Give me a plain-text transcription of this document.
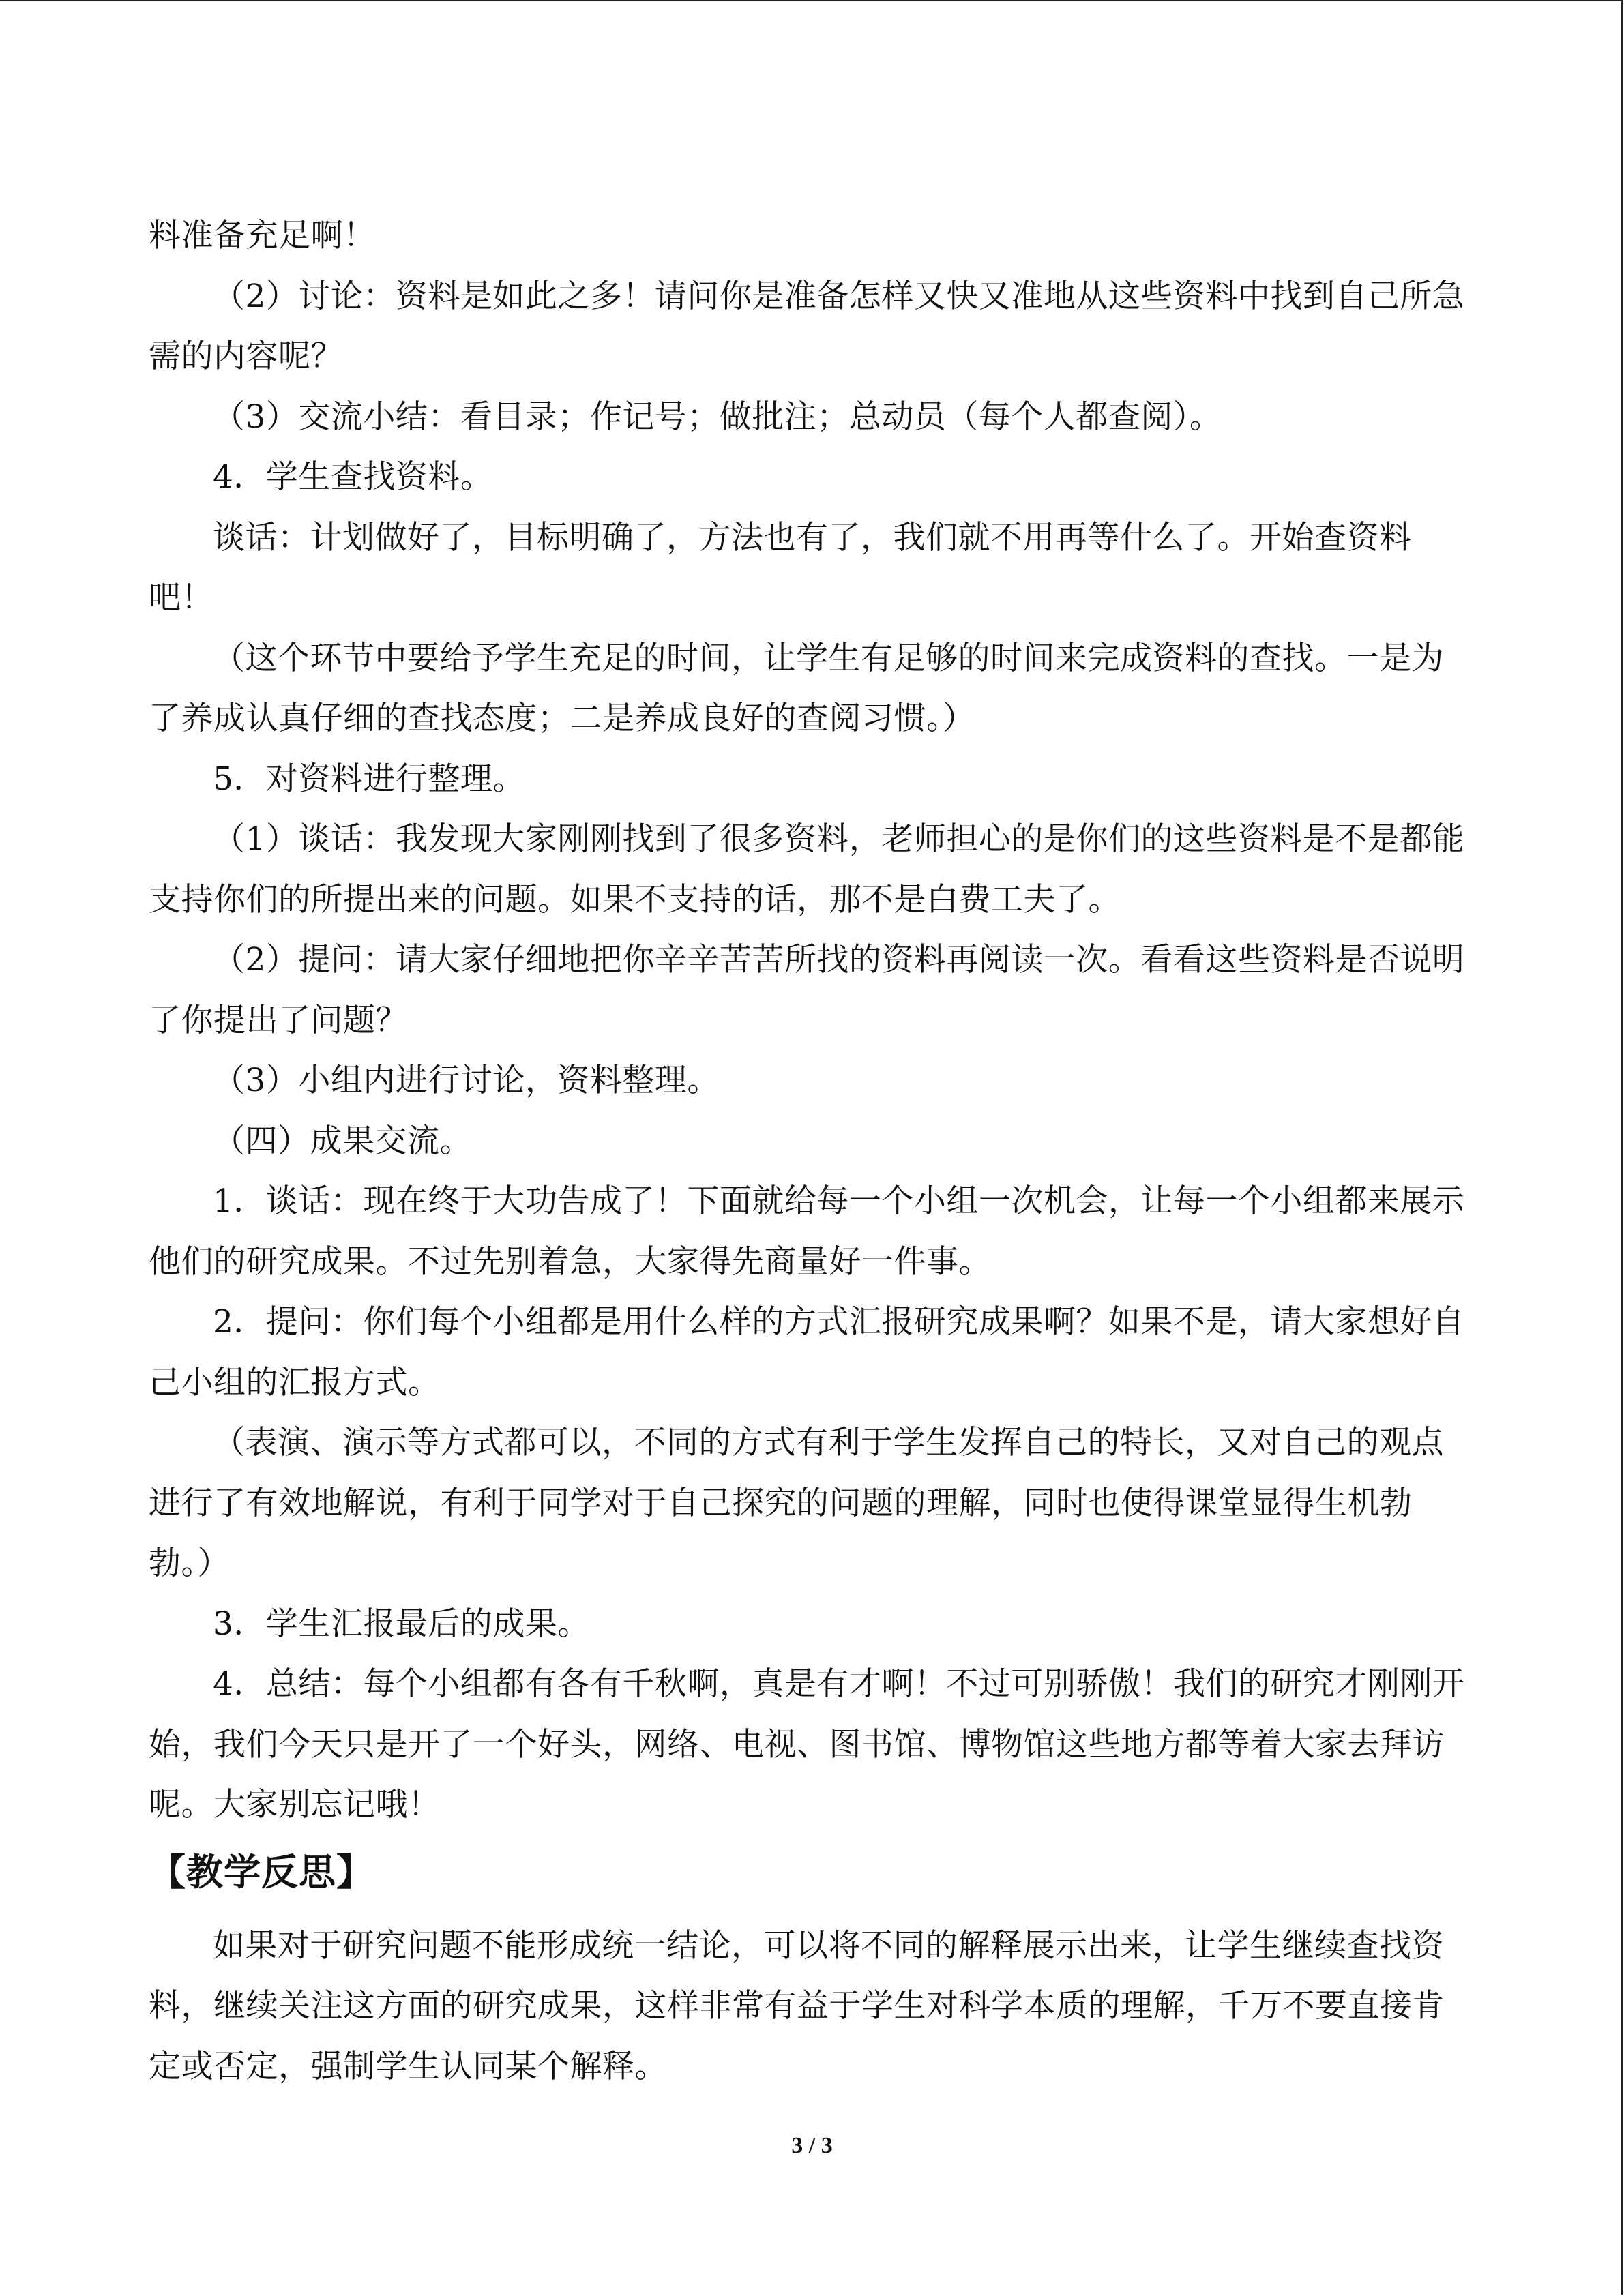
料准备充足啊！

（2）讨论：资料是如此之多！请问你是准备怎样又快又准地从这些资料中找到自己所急需的内容呢？

（3）交流小结：看目录；作记号；做批注；总动员（每个人都查阅）。

4．学生查找资料。

谈话：计划做好了，目标明确了，方法也有了，我们就不用再等什么了。开始查资料吧！

（这个环节中要给予学生充足的时间，让学生有足够的时间来完成资料的查找。一是为了养成认真仔细的查找态度；二是养成良好的查阅习惯。）

5．对资料进行整理。

（1）谈话：我发现大家刚刚找到了很多资料，老师担心的是你们的这些资料是不是都能支持你们的所提出来的问题。如果不支持的话，那不是白费工夫了。

（2）提问：请大家仔细地把你辛辛苦苦所找的资料再阅读一次。看看这些资料是否说明了你提出了问题？

（3）小组内进行讨论，资料整理。

（四）成果交流。

1．谈话：现在终于大功告成了！下面就给每一个小组一次机会，让每一个小组都来展示他们的研究成果。不过先别着急，大家得先商量好一件事。

2．提问：你们每个小组都是用什么样的方式汇报研究成果啊？如果不是，请大家想好自己小组的汇报方式。

（表演、演示等方式都可以，不同的方式有利于学生发挥自己的特长，又对自己的观点进行了有效地解说，有利于同学对于自己探究的问题的理解，同时也使得课堂显得生机勃勃。）

3．学生汇报最后的成果。

4．总结：每个小组都有各有千秋啊，真是有才啊！不过可别骄傲！我们的研究才刚刚开始，我们今天只是开了一个好头，网络、电视、图书馆、博物馆这些地方都等着大家去拜访呢。大家别忘记哦！

【教学反思】

如果对于研究问题不能形成统一结论，可以将不同的解释展示出来，让学生继续查找资料，继续关注这方面的研究成果，这样非常有益于学生对科学本质的理解，千万不要直接肯定或否定，强制学生认同某个解释。

3 / 3
